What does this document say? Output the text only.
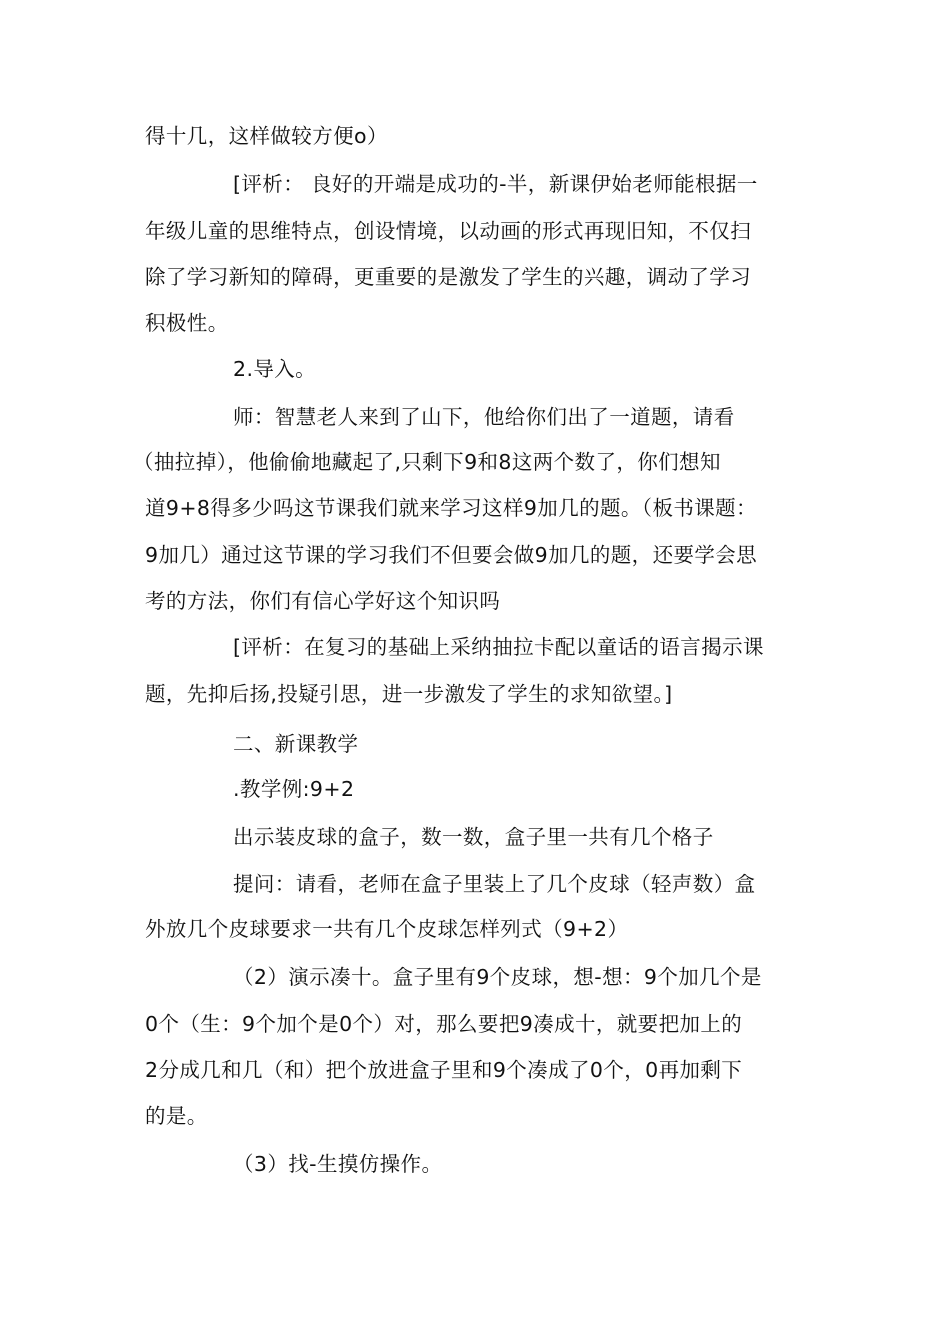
得十几，这样做较方便o）
[评析： 良好的开端是成功的-半，新课伊始老师能根据一
年级儿童的思维特点，创设情境，以动画的形式再现旧知，不仅扫
除了学习新知的障碍，更重要的是激发了学生的兴趣，调动了学习
积极性。
2.导入。
师：智慧老人来到了山下，他给你们出了一道题，请看
（抽拉掉），他偷偷地藏起了,只剩下9和8这两个数了，你们想知
道9+8得多少吗这节课我们就来学习这样9加几的题。（板书课题：
9加几）通过这节课的学习我们不但要会做9加几的题，还要学会思
考的方法，你们有信心学好这个知识吗
[评析：在复习的基础上采纳抽拉卡配以童话的语言揭示课
题，先抑后扬,投疑引思，进一步激发了学生的求知欲望。]
二、新课教学
.教学例:9+2
出示装皮球的盒子，数一数，盒子里一共有几个格子
提问：请看，老师在盒子里装上了几个皮球（轻声数）盒
外放几个皮球要求一共有几个皮球怎样列式（9+2）
（2）演示凑十。盒子里有9个皮球，想-想：9个加几个是
0个（生：9个加个是0个）对，那么要把9凑成十，就要把加上的
2分成几和几（和）把个放进盒子里和9个凑成了0个，0再加剩下
的是。
（3）找-生摸仿操作。
